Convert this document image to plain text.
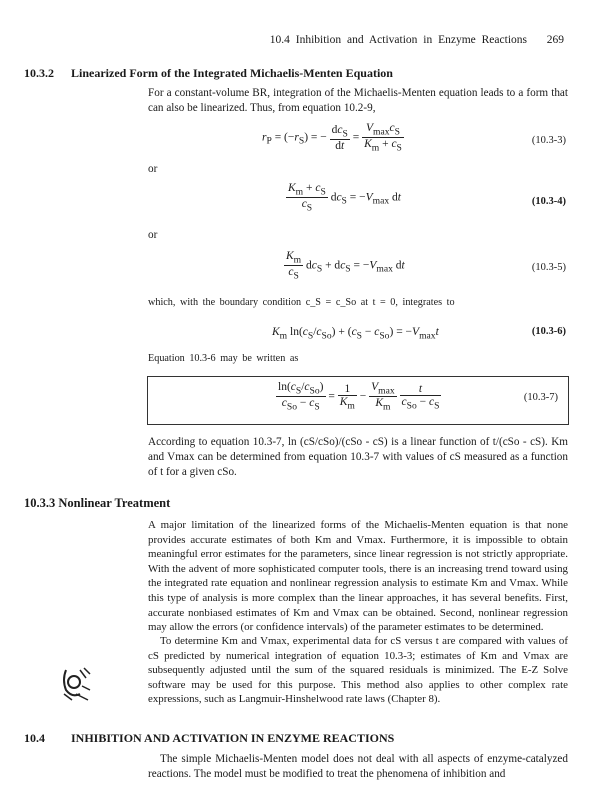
10.4 Inhibition and Activation in Enzyme Reactions 269
10.3.2 Linearized Form of the Integrated Michaelis-Menten Equation
For a constant-volume BR, integration of the Michaelis-Menten equation leads to a form that can also be linearized. Thus, from equation 10.2-9,
$r_P = (-r_S)$ = − $\frac{dc_S}{dt} = \frac{V_{max}c_S}{K_m + c_S}$	(10.3-3)
or
$\frac{K_m + c_S}{c_S} dc_S = -V_{max}$ dt	(10.3-4)
or
$\frac{K_m}{c_S} dc_S + dc_S = -V_{max}$ dt	(10.3-5)
which, with the boundary condition c_S = c_So at t = 0, integrates to
$K_m$ $\ln(c_S/c_{So}) + (c_S - c_{So}) = -V_{max}t$	(10.3-6)
Equation 10.3-6 may be written as
$\frac{\ln(c_S/c_{So})}{c_{So} - c_S} = \frac{1}{K_m} - \frac{V_{max}}{K_m}$
$\frac{t}{c_{So} - c_S}$	(10.3-7)
According to equation 10.3-7, ln (cS/cSo)/(cSo - cS) is a linear function of t/(cSo - cS). Km and Vmax can be determined from equation 10.3-7 with values of cS measured as a function of t for a given cSo.
10.3.3 Nonlinear Treatment
A major limitation of the linearized forms of the Michaelis-Menten equation is that none provides accurate estimates of both Km and Vmax. Furthermore, it is impossible to obtain meaningful error estimates for the parameters, since linear regression is not strictly appropriate. With the advent of more sophisticated computer tools, there is an increasing trend toward using the integrated rate equation and nonlinear regression analysis to estimate Km and Vmax. While this type of analysis is more complex than the linear approaches, it has several benefits. First, accurate nonbiased estimates of Km and Vmax can be obtained. Second, nonlinear regression may allow the errors (or confidence intervals) of the parameter estimates to be determined.
To determine Km and Vmax, experimental data for cS versus t are compared with values of cS predicted by numerical integration of equation 10.3-3; estimates of Km and Vmax are subsequently adjusted until the sum of the squared residuals is minimized. The E-Z Solve software may be used for this purpose. This method also applies to other complex rate expressions, such as Langmuir-Hinshelwood rate laws (Chapter 8).
10.4 INHIBITION AND ACTIVATION IN ENZYME REACTIONS
The simple Michaelis-Menten model does not deal with all aspects of enzyme-catalyzed reactions. The model must be modified to treat the phenomena of inhibition and
